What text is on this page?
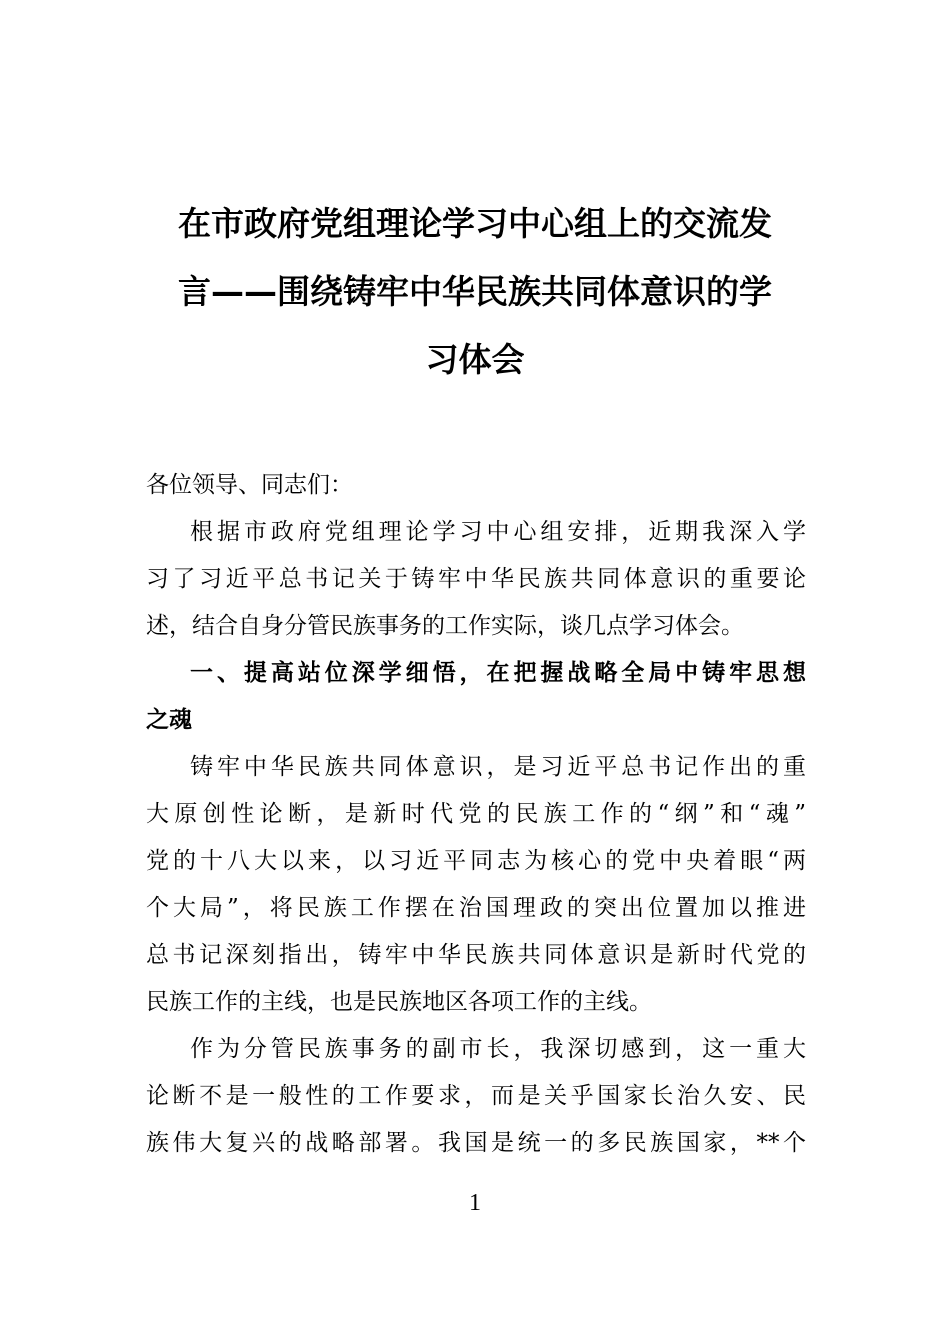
在市政府党组理论学习中心组上的交流发
言——围绕铸牢中华民族共同体意识的学
习体会
各位领导、同志们：
根据市政府党组理论学习中心组安排，近期我深入学
习了习近平总书记关于铸牢中华民族共同体意识的重要论
述，结合自身分管民族事务的工作实际，谈几点学习体会。
一、提高站位深学细悟，在把握战略全局中铸牢思想
之魂
铸牢中华民族共同体意识，是习近平总书记作出的重
大原创性论断，是新时代党的民族工作的“纲”和“魂”
党的十八大以来，以习近平同志为核心的党中央着眼“两
个大局”，将民族工作摆在治国理政的突出位置加以推进
总书记深刻指出，铸牢中华民族共同体意识是新时代党的
民族工作的主线，也是民族地区各项工作的主线。
作为分管民族事务的副市长，我深切感到，这一重大
论断不是一般性的工作要求，而是关乎国家长治久安、民
族伟大复兴的战略部署。我国是统一的多民族国家，**个
1
